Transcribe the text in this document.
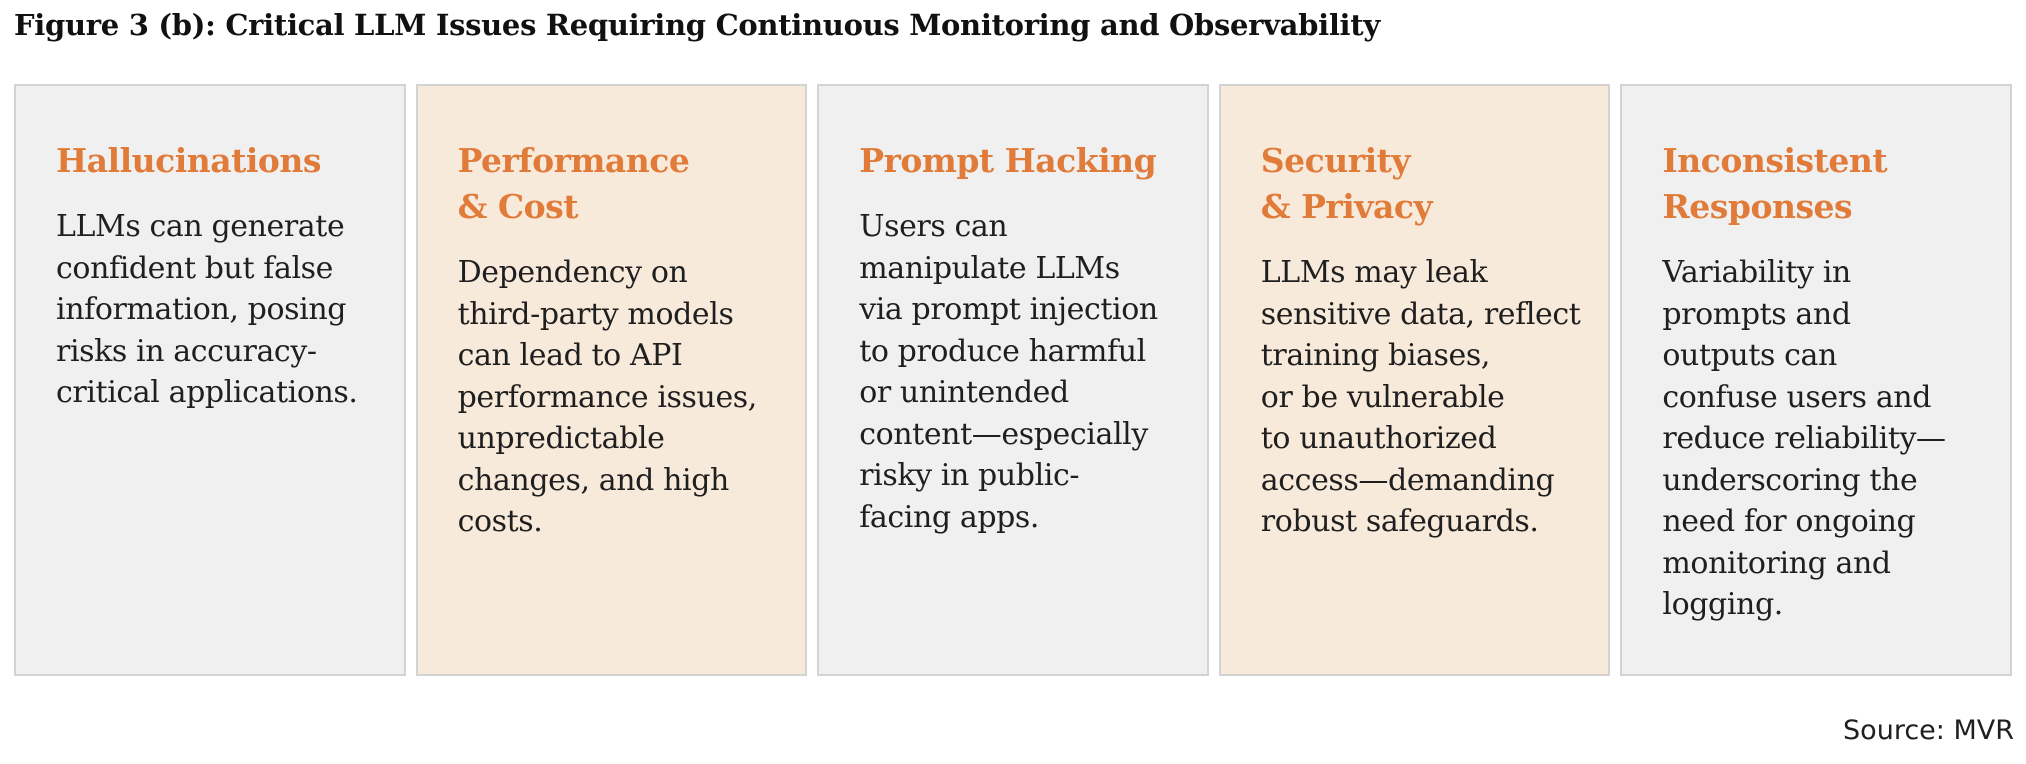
Figure 3 (b): Critical LLM Issues Requiring Continuous Monitoring and Observability
Hallucinations
LLMs can generate
confident but false
information, posing
risks in accuracy-
critical applications.
Performance
& Cost
Dependency on
third-party models
can lead to API
performance issues,
unpredictable
changes, and high
costs.
Prompt Hacking
Users can
manipulate LLMs
via prompt injection
to produce harmful
or unintended
content—especially
risky in public-
facing apps.
Security
& Privacy
LLMs may leak
sensitive data, reflect
training biases,
or be vulnerable
to unauthorized
access—demanding
robust safeguards.
Inconsistent
Responses
Variability in
prompts and
outputs can
confuse users and
reduce reliability—
underscoring the
need for ongoing
monitoring and
logging.
Source: MVR
